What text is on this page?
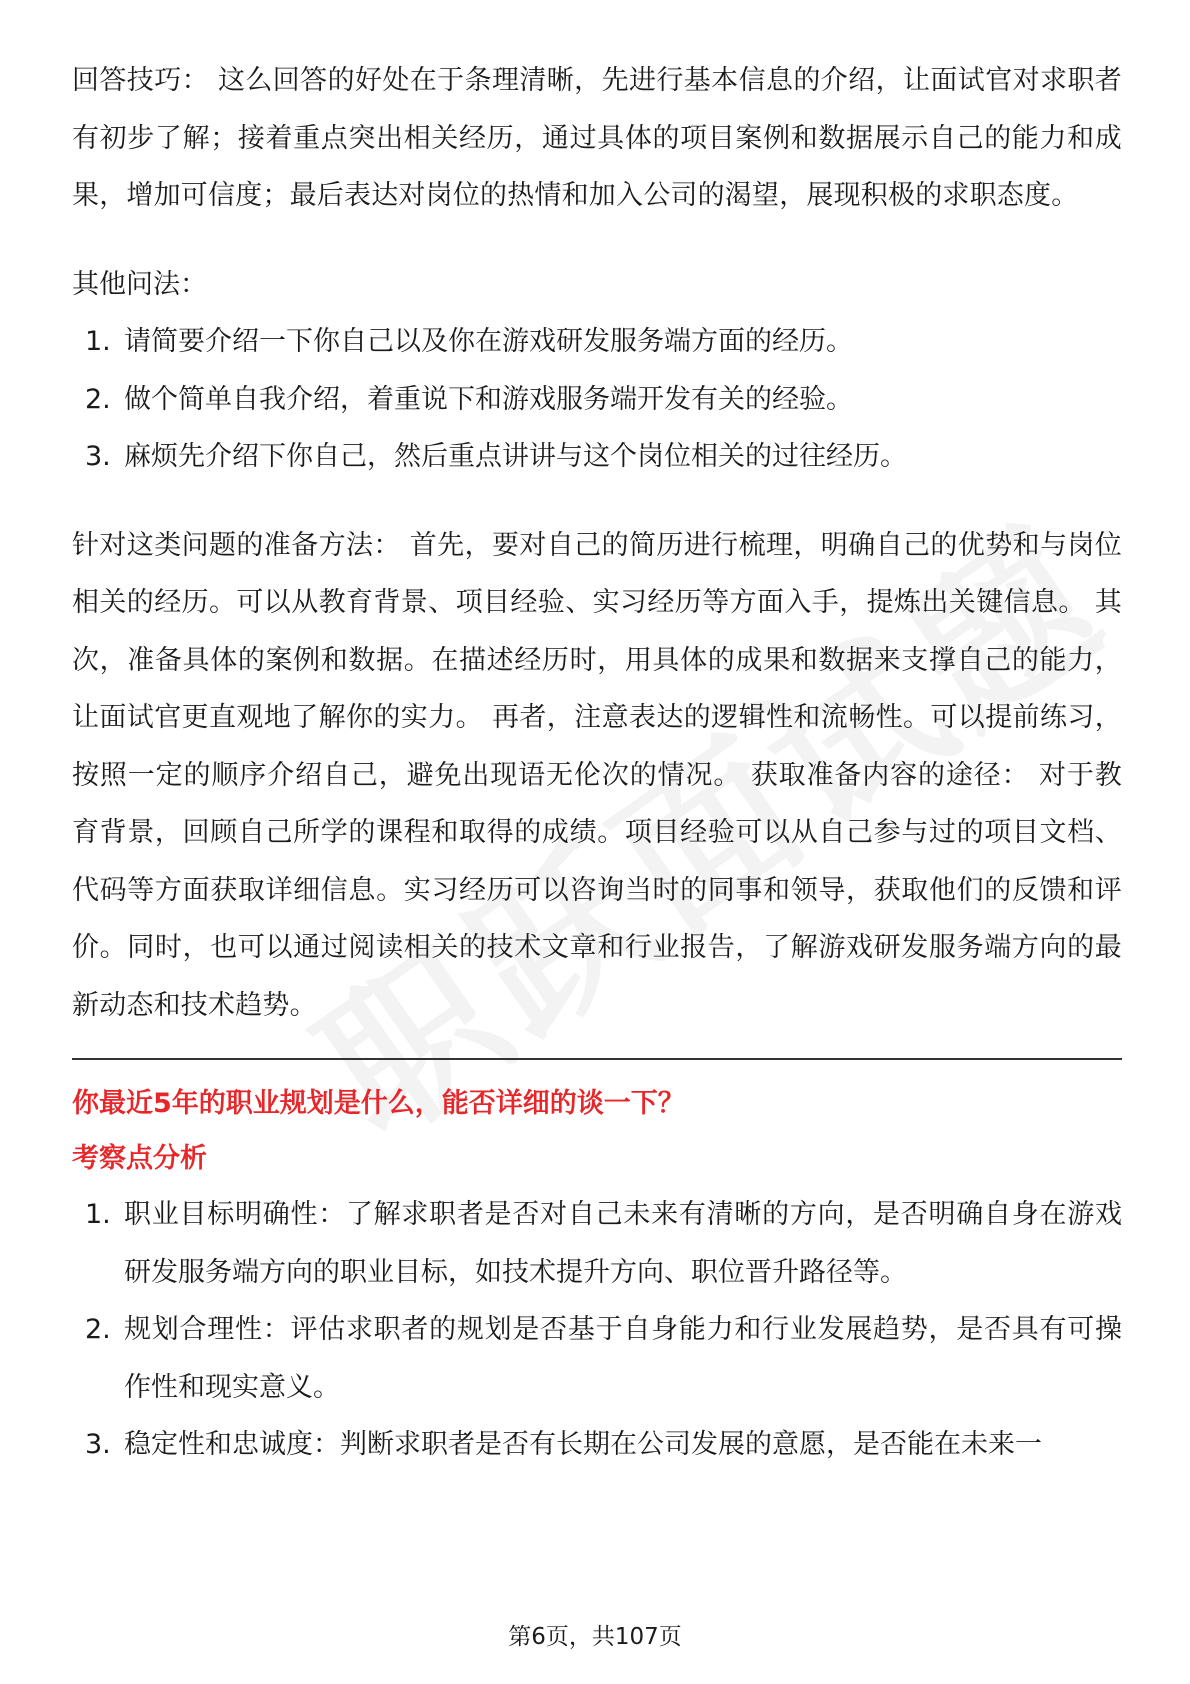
回答技巧： 这么回答的好处在于条理清晰，先进行基本信息的介绍，让面试官对求职者有初步了解；接着重点突出相关经历，通过具体的项目案例和数据展示自己的能力和成果，增加可信度；最后表达对岗位的热情和加入公司的渴望，展现积极的求职态度。

其他问法：

1. 请简要介绍一下你自己以及你在游戏研发服务端方面的经历。
2. 做个简单自我介绍，着重说下和游戏服务端开发有关的经验。
3. 麻烦先介绍下你自己，然后重点讲讲与这个岗位相关的过往经历。

针对这类问题的准备方法： 首先，要对自己的简历进行梳理，明确自己的优势和与岗位相关的经历。可以从教育背景、项目经验、实习经历等方面入手，提炼出关键信息。 其次，准备具体的案例和数据。在描述经历时，用具体的成果和数据来支撑自己的能力，让面试官更直观地了解你的实力。 再者，注意表达的逻辑性和流畅性。可以提前练习，按照一定的顺序介绍自己，避免出现语无伦次的情况。 获取准备内容的途径： 对于教育背景，回顾自己所学的课程和取得的成绩。项目经验可以从自己参与过的项目文档、代码等方面获取详细信息。实习经历可以咨询当时的同事和领导，获取他们的反馈和评价。同时，也可以通过阅读相关的技术文章和行业报告，了解游戏研发服务端方向的最新动态和技术趋势。

你最近5年的职业规划是什么，能否详细的谈一下？

考察点分析

1. 职业目标明确性：了解求职者是否对自己未来有清晰的方向，是否明确自身在游戏研发服务端方向的职业目标，如技术提升方向、职位晋升路径等。
2. 规划合理性：评估求职者的规划是否基于自身能力和行业发展趋势，是否具有可操作性和现实意义。
3. 稳定性和忠诚度：判断求职者是否有长期在公司发展的意愿，是否能在未来一
第6页，共107页
